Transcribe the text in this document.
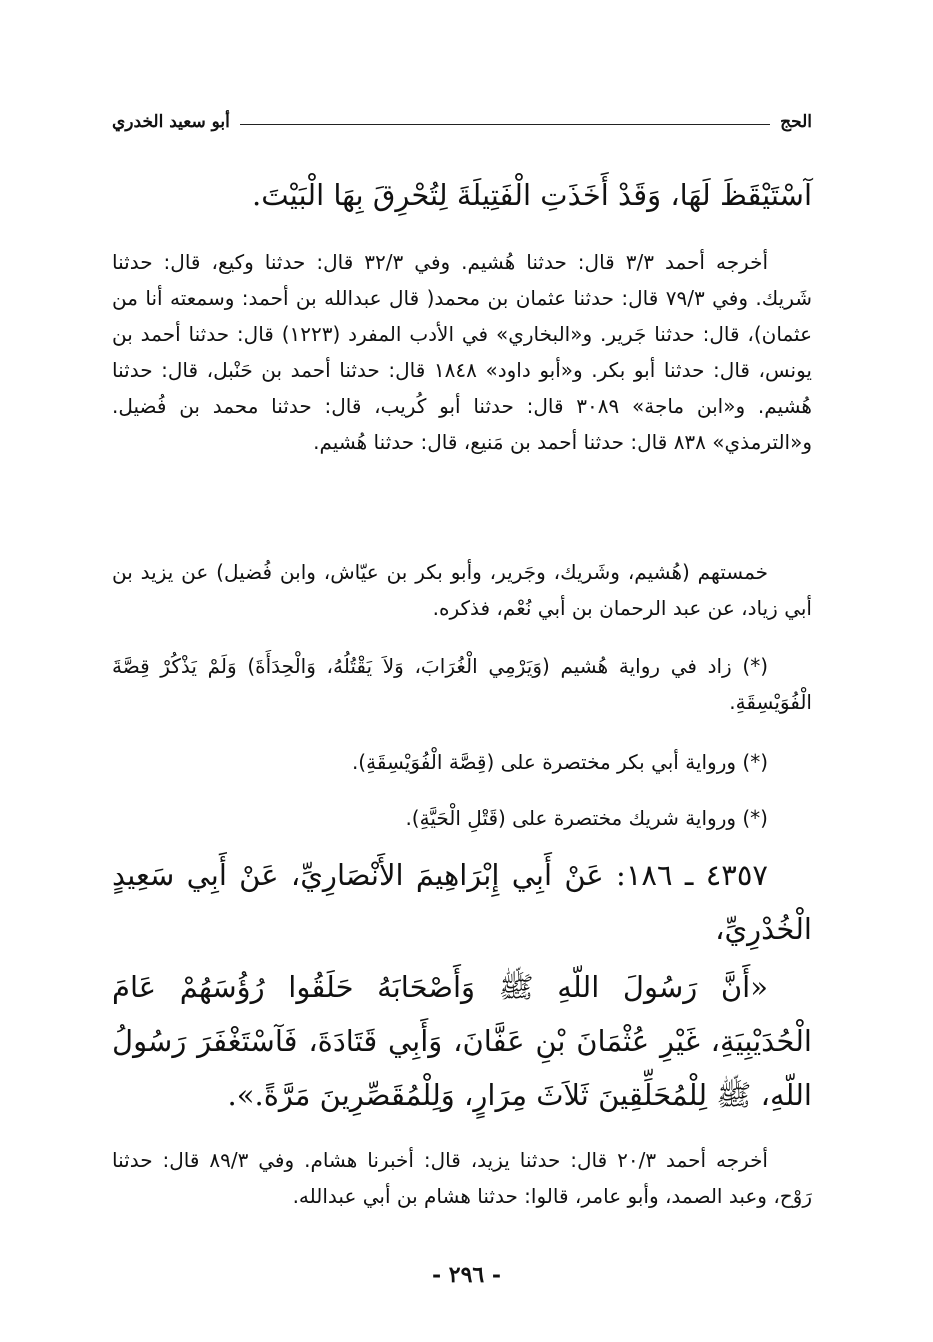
الحج
أبو سعيد الخدري
آسْتَيْقَظَ لَهَا، وَقَدْ أَخَذَتِ الْفَتِيلَةَ لِتُحْرِقَ بِهَا الْبَيْتَ.
أخرجه أحمد ٣/٣ قال: حدثنا هُشيم. وفي ٣٢/٣ قال: حدثنا وكيع، قال: حدثنا شَريك. وفي ٧٩/٣ قال: حدثنا عثمان بن محمد( قال عبدالله بن أحمد: وسمعته أنا من عثمان)، قال: حدثنا جَرير. و«البخاري» في الأدب المفرد (١٢٢٣) قال: حدثنا أحمد بن يونس، قال: حدثنا أبو بكر. و«أبو داود» ١٨٤٨ قال: حدثنا أحمد بن حَنْبل، قال: حدثنا هُشيم. و«ابن ماجة» ٣٠٨٩ قال: حدثنا أبو كُريب، قال: حدثنا محمد بن فُضيل. و«الترمذي» ٨٣٨ قال: حدثنا أحمد بن مَنيع، قال: حدثنا هُشيم.
خمستهم (هُشيم، وشَريك، وجَرير، وأبو بكر بن عيّاش، وابن فُضيل) عن يزيد بن أبي زياد، عن عبد الرحمان بن أبي نُعْم، فذكره.
(*) زاد في رواية هُشيم (وَيَرْمِي الْغُرَابَ، وَلاَ يَقْتُلُهُ، وَالْحِدَأَةَ) وَلَمْ يَذْكُرْ قِصَّةَ الْفُوَيْسِقَةِ.
(*) ورواية أبي بكر مختصرة على (قِصَّة الْفُوَيْسِقَةِ).
(*) ورواية شريك مختصرة على (قَتْلِ الْحَيَّةِ).
٤٣٥٧ ـ ١٨٦: عَنْ أَبِي إِبْرَاهِيمَ الأَنْصَارِيِّ، عَنْ أَبِي سَعِيدٍ الْخُدْرِيِّ،
«أَنَّ رَسُولَ اللّهِ ﷺ وَأَصْحَابَهُ حَلَقُوا رُؤُسَهُمْ عَامَ الْحُدَيْبِيَةِ، غَيْرِ عُثْمَانَ بْنِ عَفَّانَ، وَأَبِي قَتَادَةَ، فَآسْتَغْفَرَ رَسُولُ اللّهِ، ﷺ لِلْمُحَلِّقِينَ ثَلاَثَ مِرَارٍ، وَلِلْمُقَصِّرِينَ مَرَّةً.».
أخرجه أحمد ٢٠/٣ قال: حدثنا يزيد، قال: أخبرنا هشام. وفي ٨٩/٣ قال: حدثنا رَوْح، وعبد الصمد، وأبو عامر، قالوا: حدثنا هشام بن أبي عبدالله.
- ٢٩٦ -
